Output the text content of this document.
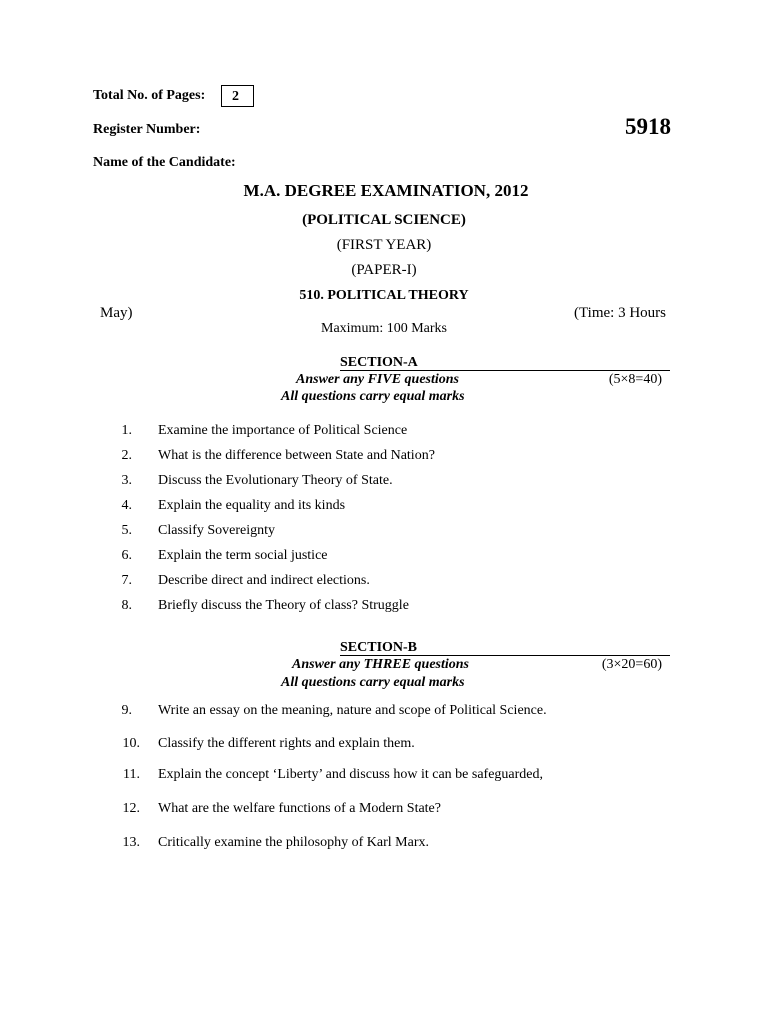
Total No. of Pages:	2
Register Number:	5918
Name of the Candidate:
M.A. DEGREE EXAMINATION, 2012
(POLITICAL SCIENCE)
(FIRST YEAR)
(PAPER-I)
510. POLITICAL THEORY
May)	(Time: 3 Hours
Maximum: 100 Marks
SECTION-A
Answer any FIVE questions	(5×8=40)
All questions carry equal marks
1. Examine the importance of Political Science
2. What is the difference between State and Nation?
3. Discuss the Evolutionary Theory of State.
4. Explain the equality and its kinds
5. Classify Sovereignty
6. Explain the term social justice
7. Describe direct and indirect elections.
8. Briefly discuss the Theory of class? Struggle
SECTION-B
Answer any THREE questions	(3×20=60)
All questions carry equal marks
9. Write an essay on the meaning, nature and scope of Political Science.
10. Classify the different rights and explain them.
11. Explain the concept ‘Liberty’ and discuss how it can be safeguarded,
12. What are the welfare functions of a Modern State?
13. Critically examine the philosophy of Karl Marx.
